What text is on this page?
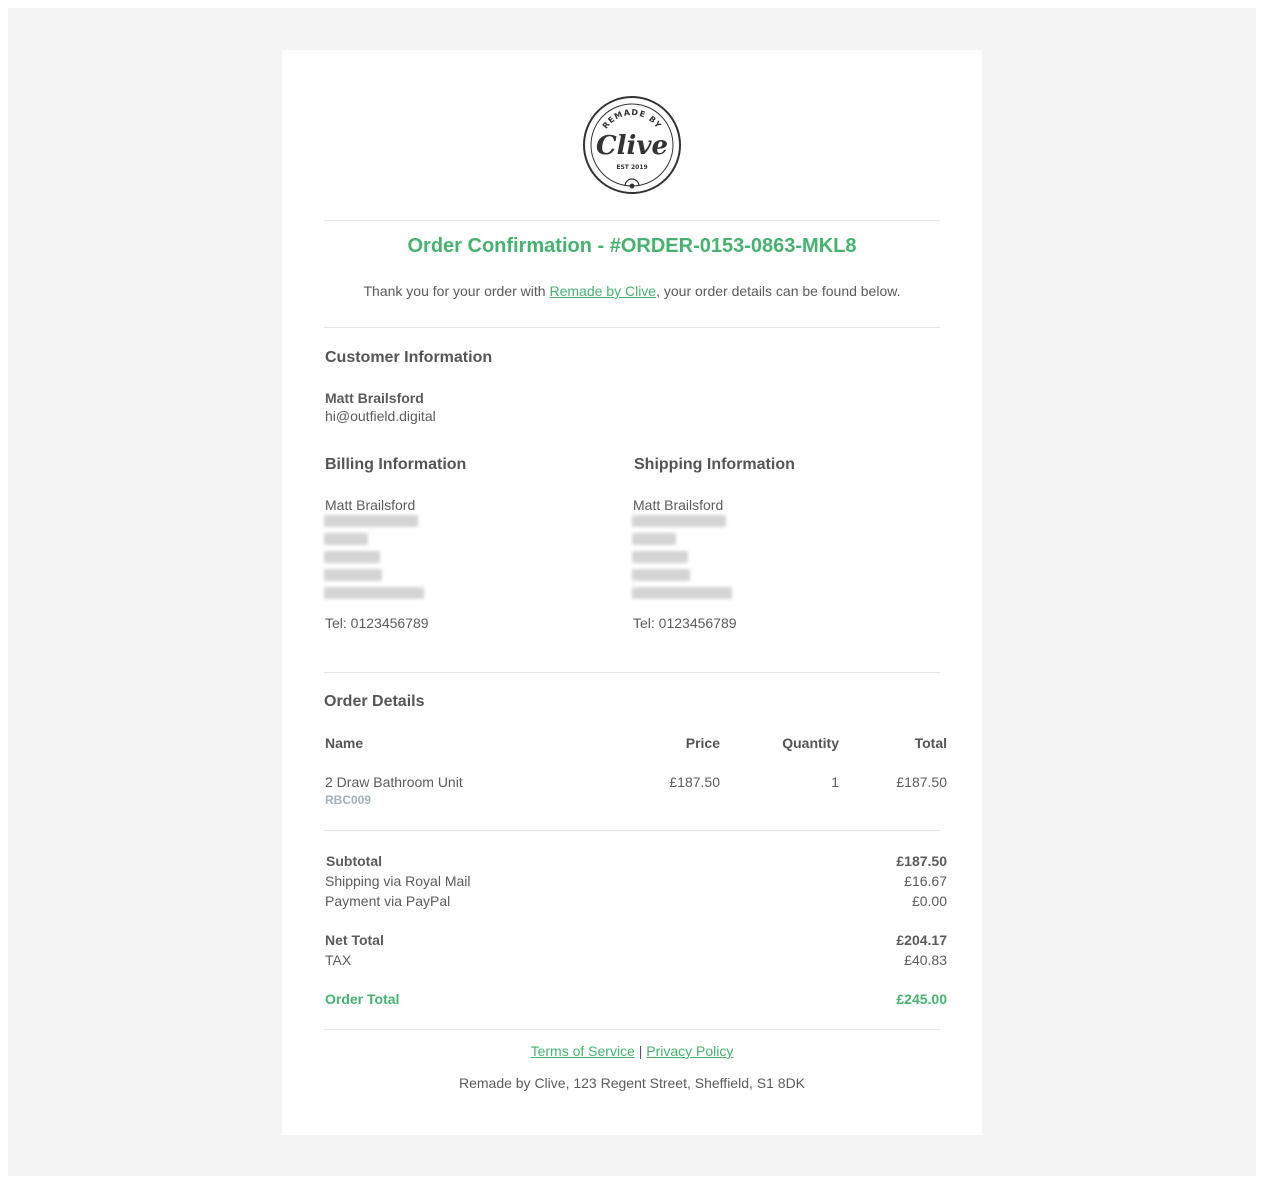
REMADE BY
Clive
EST 2019
Order Confirmation - #ORDER-0153-0863-MKL8
Thank you for your order with Remade by Clive, your order details can be found below.
Customer Information
Matt Brailsford
hi@outfield.digital
Billing Information
Matt Brailsford
Tel: 0123456789
Shipping Information
Matt Brailsford
Tel: 0123456789
Order Details
Name	Price	Quantity	Total
2 Draw Bathroom Unit
RBC009
£187.50	1	£187.50
Subtotal	£187.50
Shipping via Royal Mail	£16.67
Payment via PayPal	£0.00
Net Total	£204.17
TAX	£40.83
Order Total	£245.00
Terms of Service | Privacy Policy
Remade by Clive, 123 Regent Street, Sheffield, S1 8DK
